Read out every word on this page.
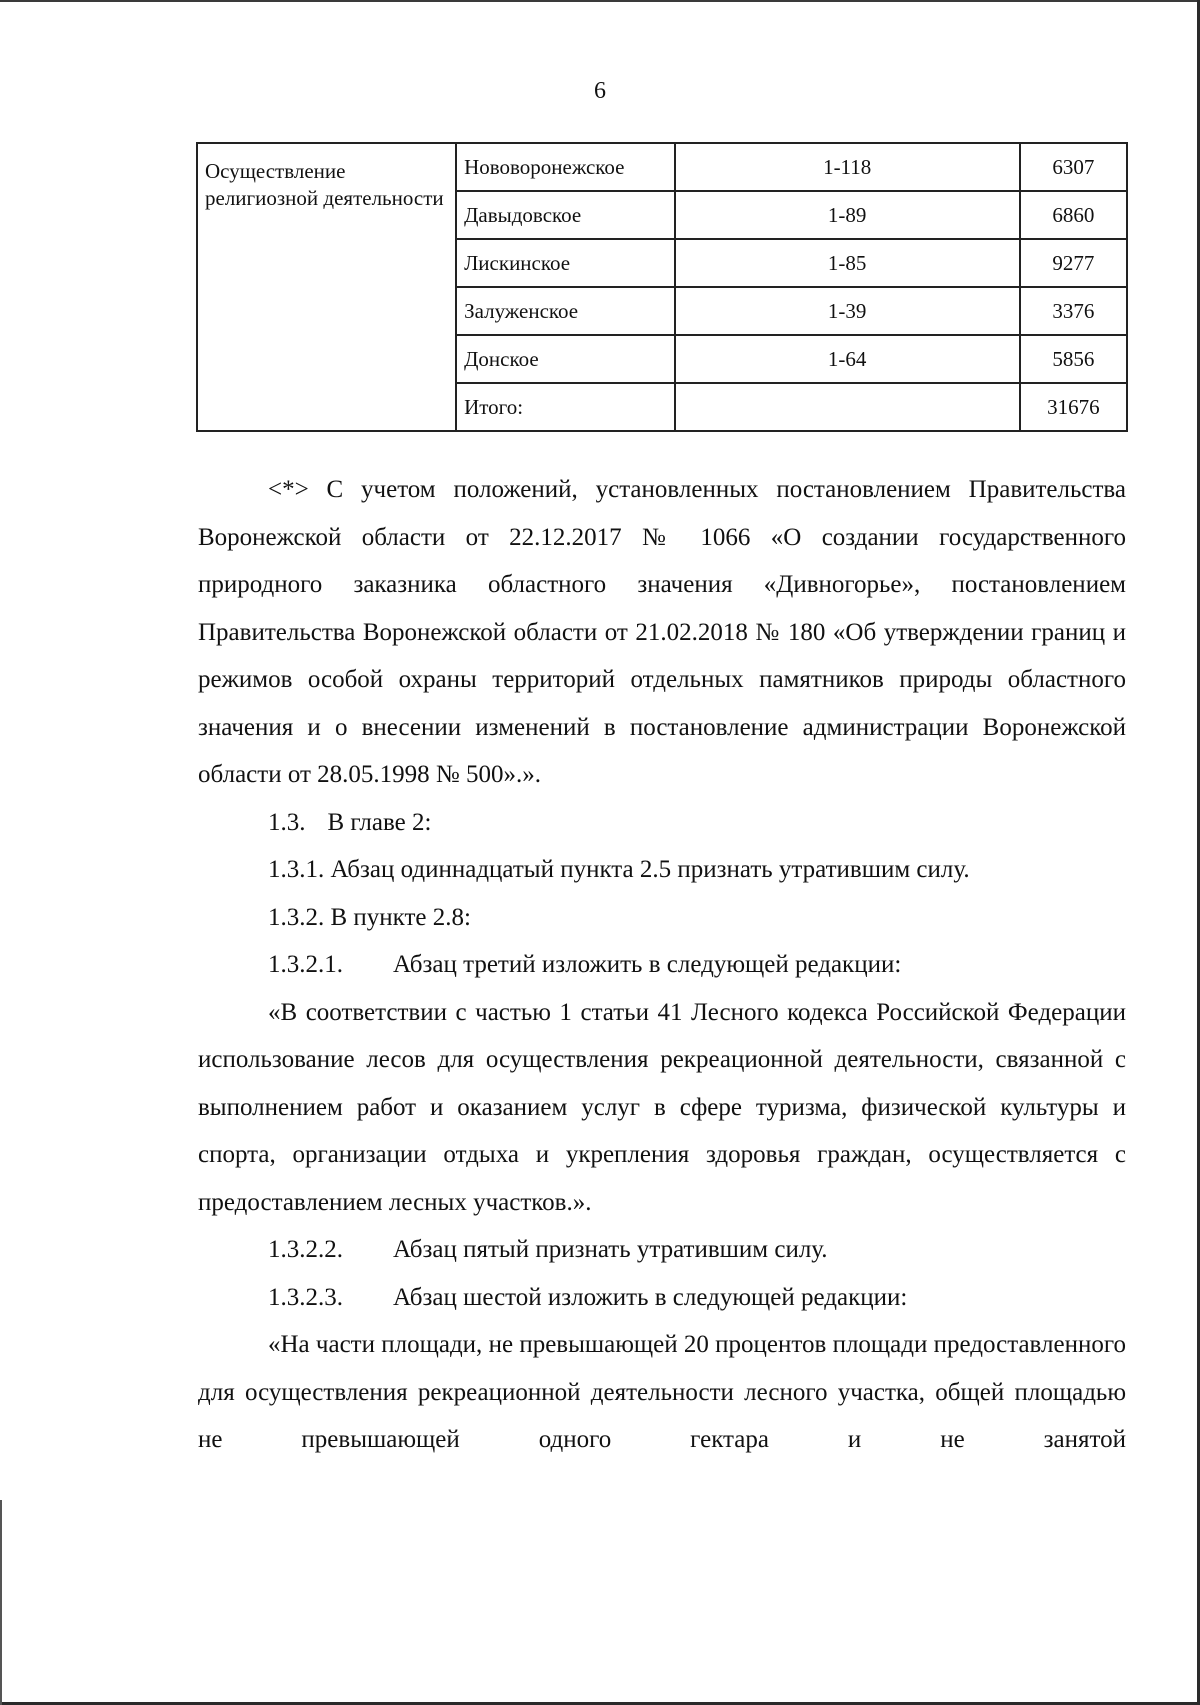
6
Осуществление религиозной деятельности	Нововоронежское	1-118	6307
	Давыдовское	1-89	6860
	Лискинское	1-85	9277
	Залуженское	1-39	3376
	Донское	1-64	5856
	Итого:		31676

<*> С учетом положений, установленных постановлением Правительства Воронежской области от 22.12.2017 № 1066 «О создании государственного природного заказника областного значения «Дивногорье», постановлением Правительства Воронежской области от 21.02.2018 № 180 «Об утверждении границ и режимов особой охраны территорий отдельных памятников природы областного значения и о внесении изменений в постановление администрации Воронежской области от 28.05.1998 № 500».».

1.3. В главе 2:

1.3.1. Абзац одиннадцатый пункта 2.5 признать утратившим силу.

1.3.2. В пункте 2.8:

1.3.2.1. Абзац третий изложить в следующей редакции:

«В соответствии с частью 1 статьи 41 Лесного кодекса Российской Федерации использование лесов для осуществления рекреационной деятельности, связанной с выполнением работ и оказанием услуг в сфере туризма, физической культуры и спорта, организации отдыха и укрепления здоровья граждан, осуществляется с предоставлением лесных участков.».

1.3.2.2. Абзац пятый признать утратившим силу.

1.3.2.3. Абзац шестой изложить в следующей редакции:

«На части площади, не превышающей 20 процентов площади предоставленного для осуществления рекреационной деятельности лесного участка, общей площадью не превышающей одного гектара и не занятой
